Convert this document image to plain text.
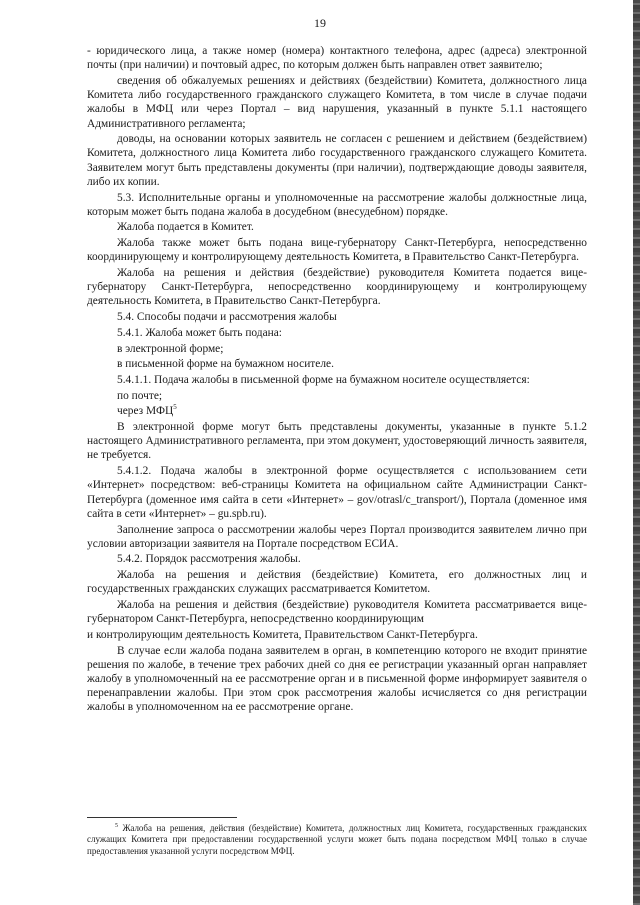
19

- юридического лица, а также номер (номера) контактного телефона, адрес (адреса) электронной почты (при наличии) и почтовый адрес, по которым должен быть направлен ответ заявителю;

сведения об обжалуемых решениях и действиях (бездействии) Комитета, должностного лица Комитета либо государственного гражданского служащего Комитета, в том числе в случае подачи жалобы в МФЦ или через Портал – вид нарушения, указанный в пункте 5.1.1 настоящего Административного регламента;

доводы, на основании которых заявитель не согласен с решением и действием (бездействием) Комитета, должностного лица Комитета либо государственного гражданского служащего Комитета. Заявителем могут быть представлены документы (при наличии), подтверждающие доводы заявителя, либо их копии.

5.3. Исполнительные органы и уполномоченные на рассмотрение жалобы должностные лица, которым может быть подана жалоба в досудебном (внесудебном) порядке.

Жалоба подается в Комитет.

Жалоба также может быть подана вице-губернатору Санкт-Петербурга, непосредственно координирующему и контролирующему деятельность Комитета, в Правительство Санкт-Петербурга.

Жалоба на решения и действия (бездействие) руководителя Комитета подается вице-губернатору Санкт-Петербурга, непосредственно координирующему и контролирующему деятельность Комитета, в Правительство Санкт-Петербурга.

5.4. Способы подачи и рассмотрения жалобы

5.4.1. Жалоба может быть подана:

в электронной форме;

в письменной форме на бумажном носителе.

5.4.1.1. Подача жалобы в письменной форме на бумажном носителе осуществляется:

по почте;

через МФЦ$^5$

В электронной форме могут быть представлены документы, указанные в пункте 5.1.2 настоящего Административного регламента, при этом документ, удостоверяющий личность заявителя, не требуется.

5.4.1.2. Подача жалобы в электронной форме осуществляется с использованием сети «Интернет» посредством: веб-страницы Комитета на официальном сайте Администрации Санкт-Петербурга (доменное имя сайта в сети «Интернет» – gov/otrasl/c_transport/), Портала (доменное имя сайта в сети «Интернет» – gu.spb.ru).

Заполнение запроса о рассмотрении жалобы через Портал производится заявителем лично при условии авторизации заявителя на Портале посредством ЕСИА.

5.4.2. Порядок рассмотрения жалобы.

Жалоба на решения и действия (бездействие) Комитета, его должностных лиц и государственных гражданских служащих рассматривается Комитетом.

Жалоба на решения и действия (бездействие) руководителя Комитета рассматривается вице-губернатором Санкт-Петербурга, непосредственно координирующим

и контролирующим деятельность Комитета, Правительством Санкт-Петербурга.

В случае если жалоба подана заявителем в орган, в компетенцию которого не входит принятие решения по жалобе, в течение трех рабочих дней со дня ее регистрации указанный орган направляет жалобу в уполномоченный на ее рассмотрение орган и в письменной форме информирует заявителя о перенаправлении жалобы. При этом срок рассмотрения жалобы исчисляется со дня регистрации жалобы в уполномоченном на ее рассмотрение органе.

$^5$ Жалоба на решения, действия (бездействие) Комитета, должностных лиц Комитета, государственных гражданских служащих Комитета при предоставлении государственной услуги может быть подана посредством МФЦ только в случае предоставления указанной услуги посредством МФЦ.
